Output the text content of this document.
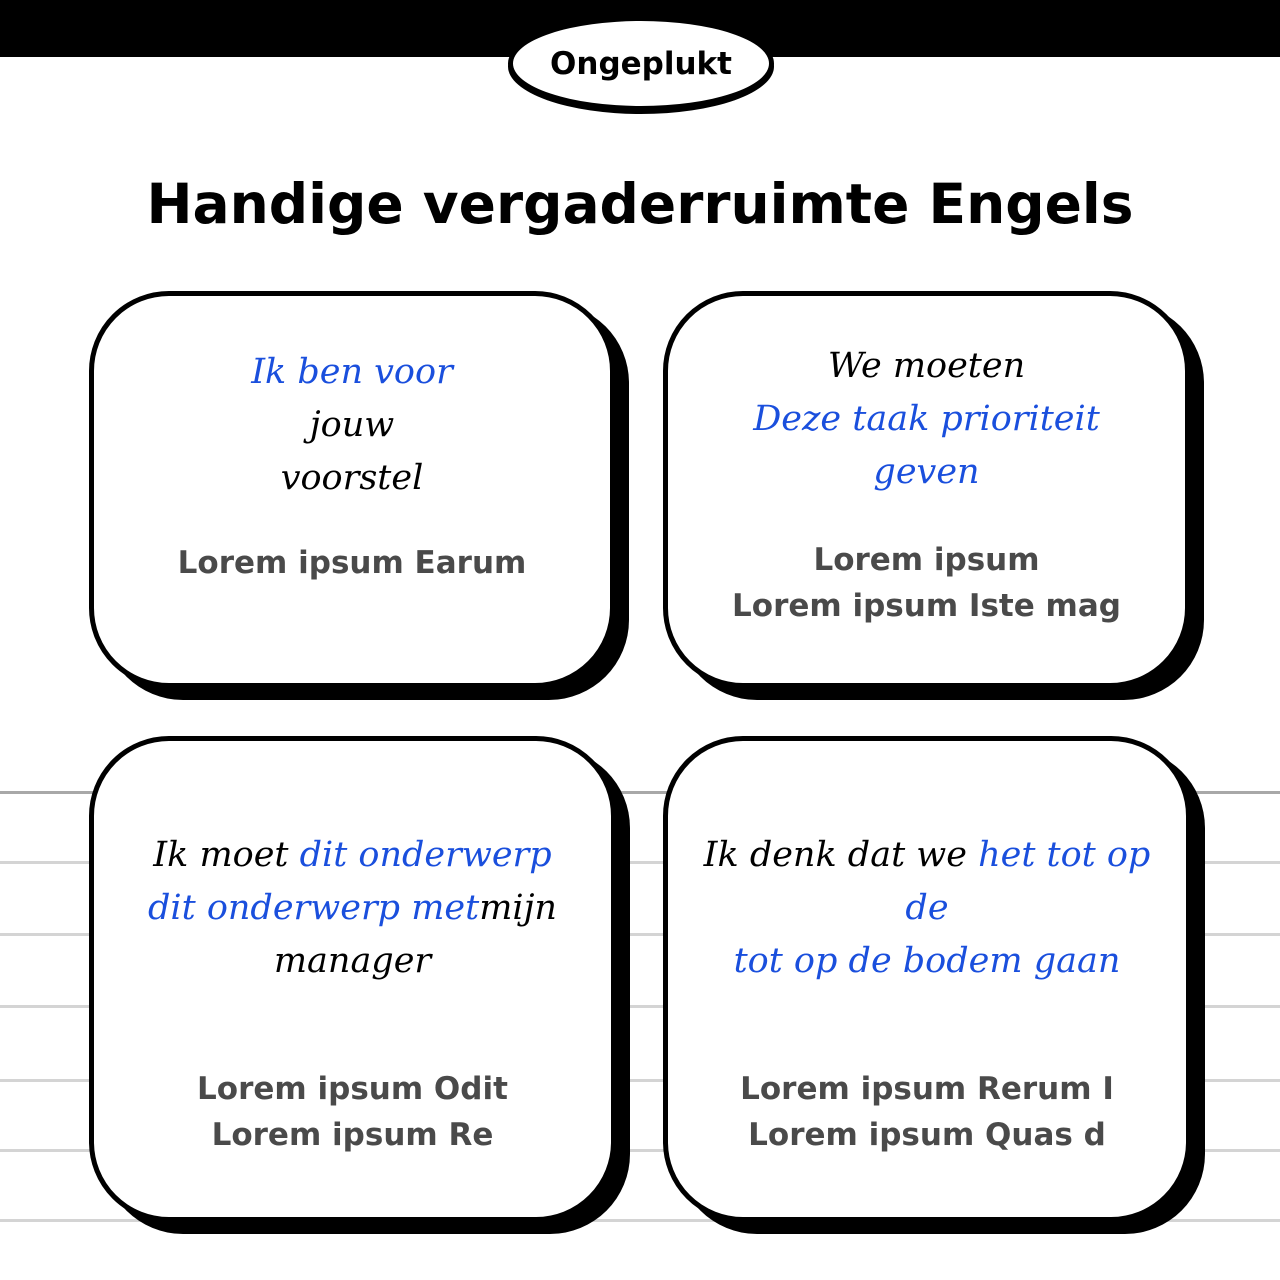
Ongeplukt
Handige vergaderruimte Engels
Ik ben voor
jouw
voorstel
Lorem ipsum Earum
We moeten
Deze taak prioriteit
geven
Lorem ipsum
Lorem ipsum Iste mag
Ik moet dit onderwerp
dit onderwerp metmijn
manager
Lorem ipsum Odit
Lorem ipsum Re
Ik denk dat we het tot op
de
tot op de bodem gaan
Lorem ipsum Rerum I
Lorem ipsum Quas d
